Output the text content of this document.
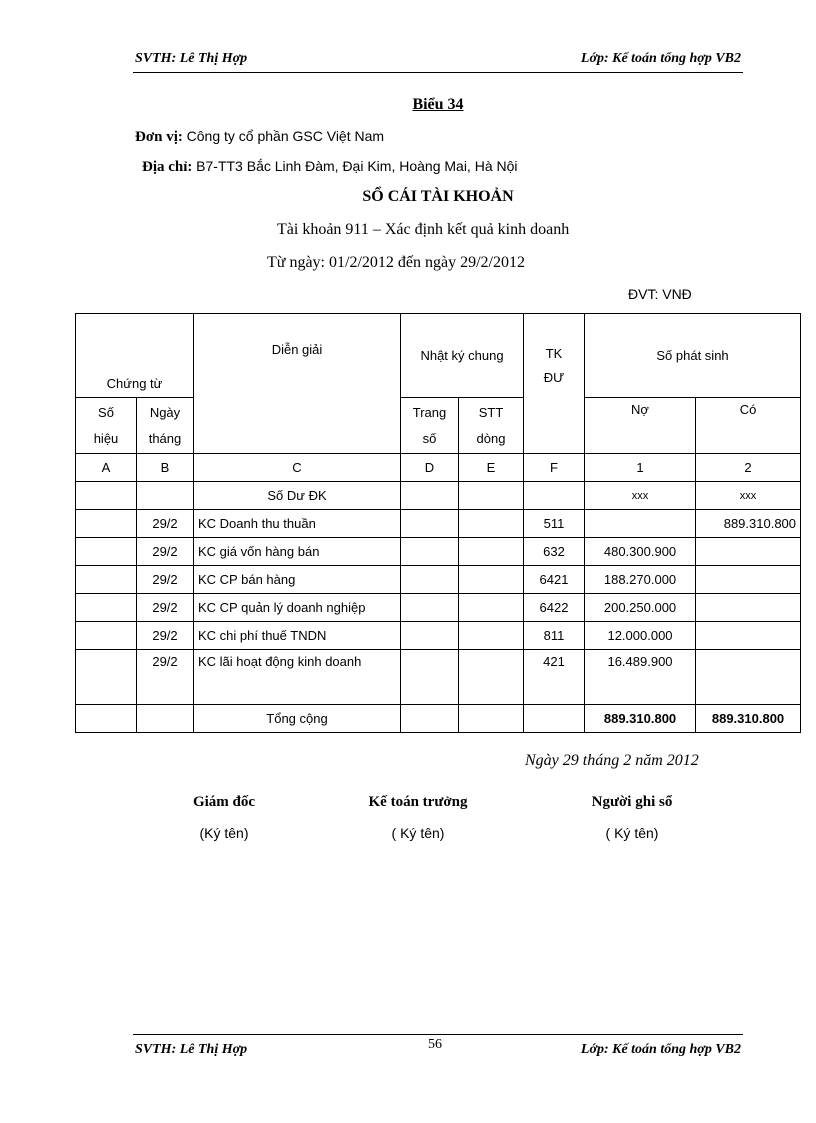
SVTH: Lê Thị Hợp	Lớp: Kế toán tổng hợp VB2
Biểu 34
Đơn vị: Công ty cổ phần GSC Việt Nam
Địa chỉ: B7-TT3 Bắc Linh Đàm, Đại Kim, Hoàng Mai, Hà Nội
SỔ CÁI TÀI KHOẢN
Tài khoản 911 – Xác định kết quả kinh doanh
Từ ngày: 01/2/2012 đến ngày 29/2/2012
ĐVT: VNĐ
Chứng từ		Diễn giải	Nhật ký chung		TK
ĐƯ	Số phát sinh	
Số
hiệu	Ngày
tháng		Trang
số	STT
dòng		Nợ	Có
A	B	C	D	E	F	1	2
		Số Dư ĐK				xxx	xxx
	29/2	KC Doanh thu thuần			511		889.310.800
	29/2	KC giá vốn hàng bán			632	480.300.900	
	29/2	KC CP bán hàng			6421	188.270.000	
	29/2	KC CP quản lý doanh nghiệp			6422	200.250.000	
	29/2	KC chi phí thuế TNDN			811	12.000.000	
	29/2	KC lãi hoạt động kinh doanh			421	16.489.900	
		Tổng cộng				889.310.800	889.310.800
Ngày 29 tháng 2 năm 2012
Giám đốc
(Ký tên)
Kế toán trưởng
( Ký tên)
Người ghi sổ
( Ký tên)
SVTH: Lê Thị Hợp	56	Lớp: Kế toán tổng hợp VB2
